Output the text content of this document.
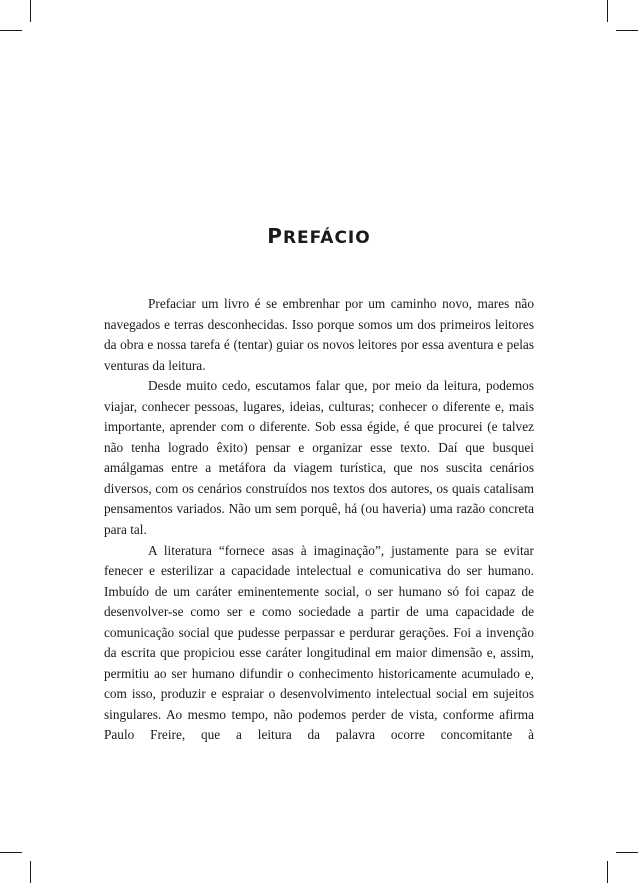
PREFÁCIO

Prefaciar um livro é se embrenhar por um caminho novo, mares não navegados e terras desconhecidas. Isso porque somos um dos primeiros leitores da obra e nossa tarefa é (tentar) guiar os novos leitores por essa aventura e pelas venturas da leitura.

Desde muito cedo, escutamos falar que, por meio da leitura, podemos viajar, conhecer pessoas, lugares, ideias, culturas; conhecer o diferente e, mais importante, aprender com o diferente. Sob essa égide, é que procurei (e talvez não tenha logrado êxito) pensar e organizar esse texto. Daí que busquei amálgamas entre a metáfora da viagem turística, que nos suscita cenários diversos, com os cenários construídos nos textos dos autores, os quais catalisam pensamentos variados. Não um sem porquê, há (ou haveria) uma razão concreta para tal.

A literatura “fornece asas à imaginação”, justamente para se evitar fenecer e esterilizar a capacidade intelectual e comunicativa do ser humano. Imbuído de um caráter eminentemente social, o ser humano só foi capaz de desenvolver-se como ser e como sociedade a partir de uma capacidade de comunicação social que pudesse perpassar e perdurar gerações. Foi a invenção da escrita que propiciou esse caráter longitudinal em maior dimensão e, assim, permitiu ao ser humano difundir o conhecimento historicamente acumulado e, com isso, produzir e espraiar o desenvolvimento intelectual social em sujeitos singulares. Ao mesmo tempo, não podemos perder de vista, conforme afirma Paulo Freire, que a leitura da palavra ocorre concomitante à
